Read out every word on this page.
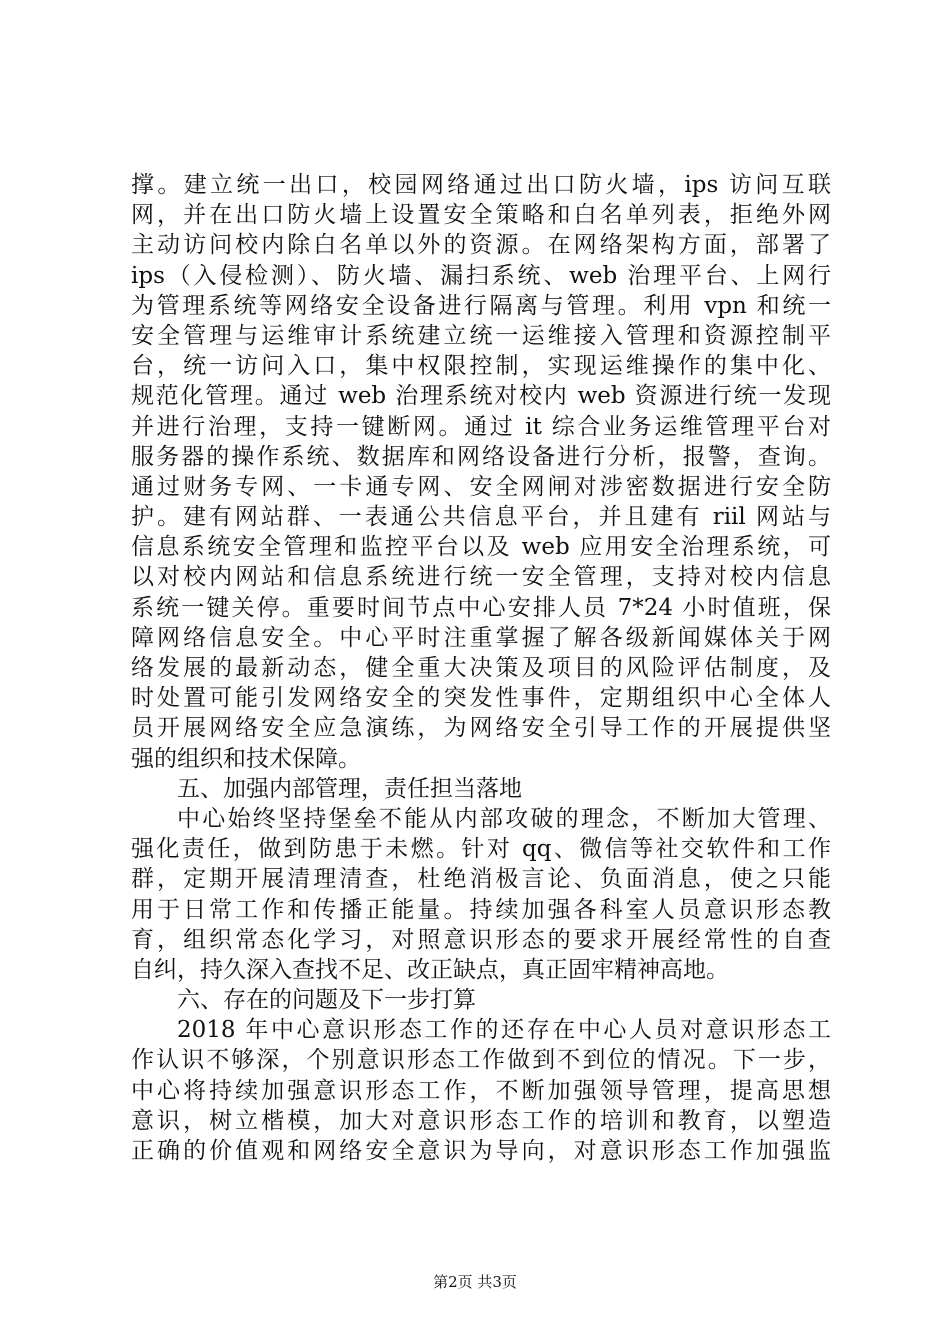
撑。建立统一出口，校园网络通过出口防火墙，ips 访问互联
网，并在出口防火墙上设置安全策略和白名单列表，拒绝外网
主动访问校内除白名单以外的资源。在网络架构方面，部署了
ips（入侵检测）、防火墙、漏扫系统、web 治理平台、上网行
为管理系统等网络安全设备进行隔离与管理。利用 vpn 和统一
安全管理与运维审计系统建立统一运维接入管理和资源控制平
台，统一访问入口，集中权限控制，实现运维操作的集中化、
规范化管理。通过 web 治理系统对校内 web 资源进行统一发现
并进行治理，支持一键断网。通过 it 综合业务运维管理平台对
服务器的操作系统、数据库和网络设备进行分析，报警，查询。
通过财务专网、一卡通专网、安全网闸对涉密数据进行安全防
护。建有网站群、一表通公共信息平台，并且建有 riil 网站与
信息系统安全管理和监控平台以及 web 应用安全治理系统，可
以对校内网站和信息系统进行统一安全管理，支持对校内信息
系统一键关停。重要时间节点中心安排人员 7*24 小时值班，保
障网络信息安全。中心平时注重掌握了解各级新闻媒体关于网
络发展的最新动态，健全重大决策及项目的风险评估制度，及
时处置可能引发网络安全的突发性事件，定期组织中心全体人
员开展网络安全应急演练，为网络安全引导工作的开展提供坚
强的组织和技术保障。
五、加强内部管理，责任担当落地
中心始终坚持堡垒不能从内部攻破的理念，不断加大管理、
强化责任，做到防患于未燃。针对 qq、微信等社交软件和工作
群，定期开展清理清查，杜绝消极言论、负面消息，使之只能
用于日常工作和传播正能量。持续加强各科室人员意识形态教
育，组织常态化学习，对照意识形态的要求开展经常性的自查
自纠，持久深入查找不足、改正缺点，真正固牢精神高地。
六、存在的问题及下一步打算
2018 年中心意识形态工作的还存在中心人员对意识形态工
作认识不够深，个别意识形态工作做到不到位的情况。下一步，
中心将持续加强意识形态工作，不断加强领导管理，提高思想
意识，树立楷模，加大对意识形态工作的培训和教育，以塑造
正确的价值观和网络安全意识为导向，对意识形态工作加强监
第2页 共3页
